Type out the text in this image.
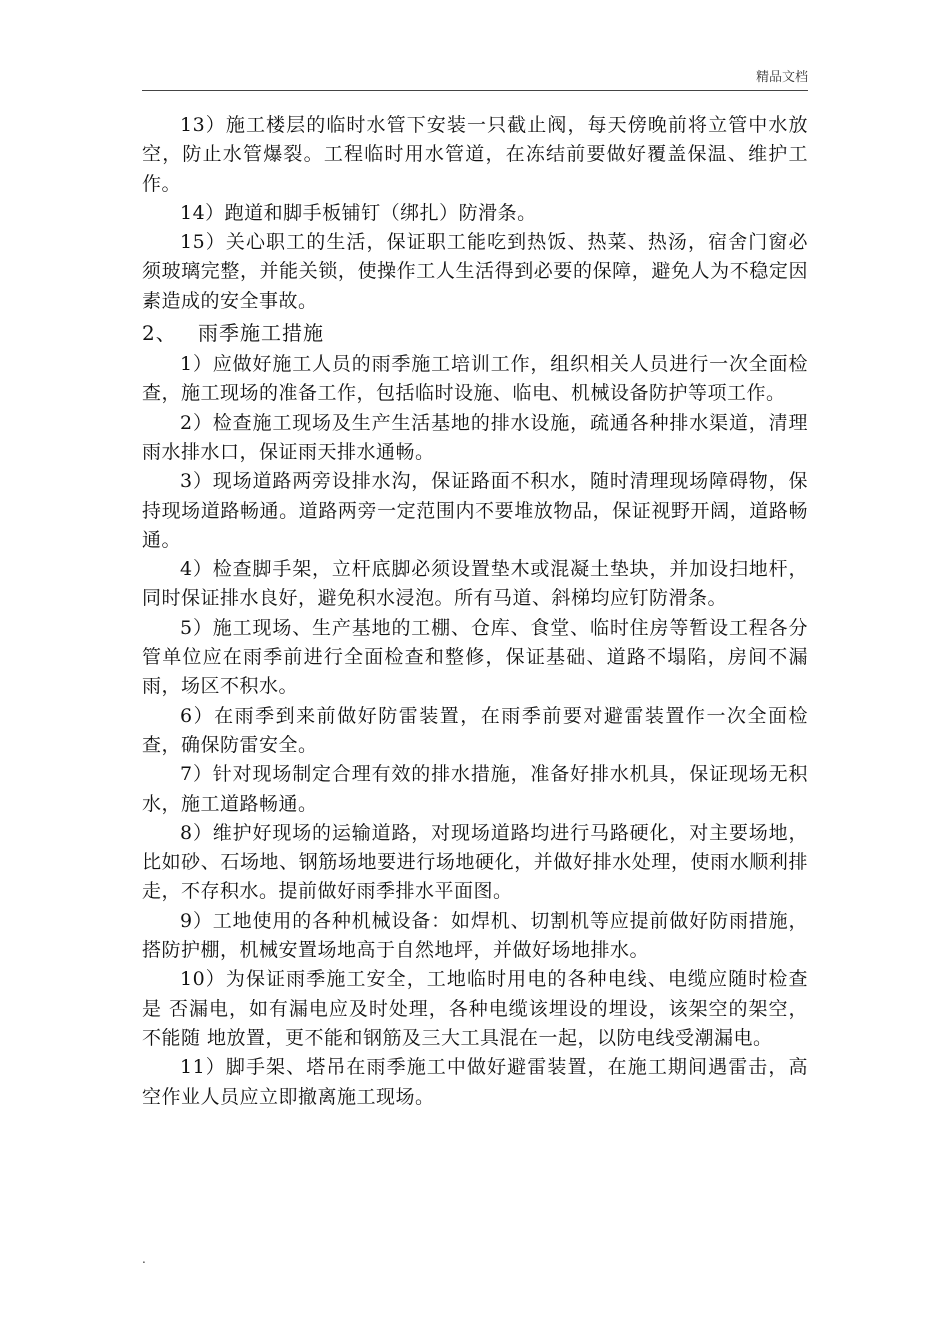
精品文档

13）施工楼层的临时水管下安装一只截止阀，每天傍晚前将立管中水放空，防止水管爆裂。工程临时用水管道，在冻结前要做好覆盖保温、维护工作。

14）跑道和脚手板铺钉（绑扎）防滑条。

15）关心职工的生活，保证职工能吃到热饭、热菜、热汤，宿舍门窗必须玻璃完整，并能关锁，使操作工人生活得到必要的保障，避免人为不稳定因素造成的安全事故。

2、 雨季施工措施

1）应做好施工人员的雨季施工培训工作，组织相关人员进行一次全面检查，施工现场的准备工作，包括临时设施、临电、机械设备防护等项工作。

2）检查施工现场及生产生活基地的排水设施，疏通各种排水渠道，清理 雨水排水口，保证雨天排水通畅。

3）现场道路两旁设排水沟，保证路面不积水，随时清理现场障碍物，保持现场道路畅通。道路两旁一定范围内不要堆放物品，保证视野开阔，道路畅通。

4）检查脚手架，立杆底脚必须设置垫木或混凝土垫块，并加设扫地杆，同时保证排水良好，避免积水浸泡。所有马道、斜梯均应钉防滑条。

5）施工现场、生产基地的工棚、仓库、食堂、临时住房等暂设工程各分 管单位应在雨季前进行全面检查和整修，保证基础、道路不塌陷，房间不漏雨，场区不积水。

6）在雨季到来前做好防雷装置，在雨季前要对避雷装置作一次全面检查，确保防雷安全。

7）针对现场制定合理有效的排水措施，准备好排水机具，保证现场无积水，施工道路畅通。

8）维护好现场的运输道路，对现场道路均进行马路硬化，对主要场地，比如砂、石场地、钢筋场地要进行场地硬化，并做好排水处理，使雨水顺利排走，不存积水。提前做好雨季排水平面图。

9）工地使用的各种机械设备：如焊机、切割机等应提前做好防雨措施，搭防护棚，机械安置场地高于自然地坪，并做好场地排水。

10）为保证雨季施工安全，工地临时用电的各种电线、电缆应随时检查是 否漏电，如有漏电应及时处理，各种电缆该埋设的埋设，该架空的架空，不能随 地放置，更不能和钢筋及三大工具混在一起，以防电线受潮漏电。

11）脚手架、塔吊在雨季施工中做好避雷装置，在施工期间遇雷击，高空作业人员应立即撤离施工现场。

.
